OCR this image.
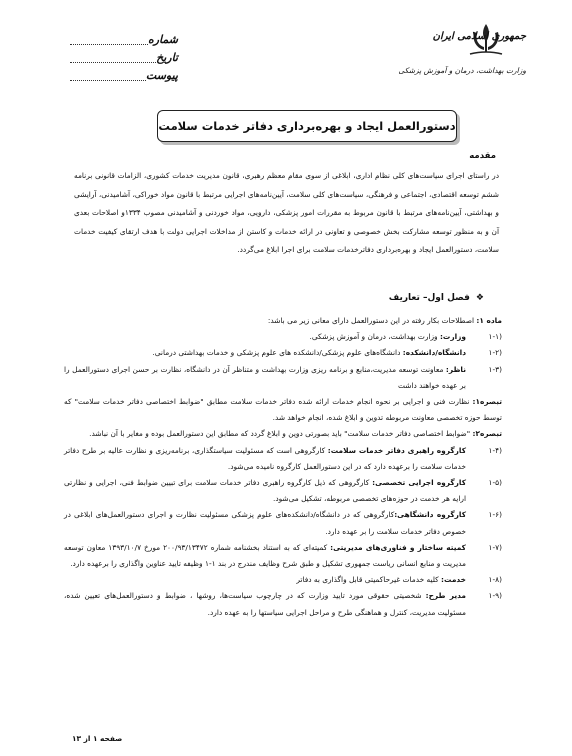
جمهوری اسلامی ایران
وزارت بهداشت، درمان و آموزش پزشکی
شماره
تاریخ
پیوست
دستورالعمل ایجاد و بهره‌برداری دفاتر خدمات سلامت
مقدمه
در راستای اجرای سیاست‌های کلی نظام اداری، ابلاغی از سوی مقام معظم رهبری، قانون مدیریت خدمات کشوری، الزامات قانونی برنامه ششم توسعه اقتصادی، اجتماعی و فرهنگی، سیاست‌های کلی سلامت، آیین‌نامه‌های اجرایی مرتبط با قانون مواد خوراکی، آشامیدنی، آرایشی و بهداشتی، آیین‌نامه‌های مرتبط با قانون مربوط به مقررات امور پزشکی، دارویی، مواد خوردنی و آشامیدنی مصوب ۱۳۳۴و اصلاحات بعدی آن و به منظور توسعه مشارکت بخش خصوصی و تعاونی در ارائه خدمات و کاستن از مداخلات اجرایی دولت با هدف ارتقای کیفیت خدمات سلامت، دستورالعمل ایجاد و بهره‌برداری دفاترخدمات سلامت برای اجرا ابلاغ می‌گردد.
❖
فصل اول– تعاریف

ماده ۱: اصطلاحات بکار رفته در این دستورالعمل دارای معانی زیر می باشد:

۱-۱)
وزارت: وزارت بهداشت، درمان و آموزش پزشکی.

۱-۲)
دانشگاه/دانشکده: دانشگاه‌های علوم پزشکی/دانشکده های علوم پزشکی و خدمات بهداشتی درمانی.

۱-۳)
ناظر: معاونت توسعه مدیریت،منابع و برنامه ریزی وزارت بهداشت و متناظر آن در دانشگاه، نظارت بر حسن اجرای دستورالعمل را بر عهده خواهند داشت

تبصره۱: نظارت فنی و اجرایی بر نحوه انجام خدمات ارائه شده دفاتر خدمات سلامت مطابق "ضوابط اختصاصی دفاتر خدمات سلامت" که توسط حوزه تخصصی معاونت مربوطه تدوین و ابلاغ شده، انجام خواهد شد.

تبصره۲: "ضوابط اختصاصی دفاتر خدمات سلامت" باید بصورتی دوین و ابلاغ گردد که مطابق این دستورالعمل بوده و مغایر با آن نباشد.

۱-۴)
کارگروه راهبری دفاتر خدمات سلامت: کارگروهی است که مسئولیت سیاستگذاری، برنامه‌ریزی و نظارت عالیه بر طرح دفاتر خدمات سلامت را برعهده دارد که در این دستورالعمل کارگروه نامیده می‌شود.

۱-۵)
کارگروه اجرایی تخصصی: کارگروهی که ذیل کارگروه راهبری دفاتر خدمات سلامت برای تبیین ضوابط فنی، اجرایی و نظارتی ارایه هر خدمت در حوزه‌های تخصصی مربوطه، تشکیل می‌شود.

۱-۶)
کارگروه دانشگاهی:کارگروهی که در دانشگاه/دانشکده‌های علوم پزشکی مسئولیت نظارت و اجرای دستورالعمل‌های ابلاغی در خصوص دفاتر خدمات سلامت را بر عهده دارد.

۱-۷)
کمیته ساختار و فناوری‌های مدیریتی: کمیته‌ای که به استناد بخشنامه شماره ۲۰۰/۹۳/۱۳۴۷۲ مورخ ۱۳۹۳/۱۰/۷ معاون توسعه مدیریت و منابع انسانی ریاست جمهوری تشکیل و طبق شرح وظایف مندرج در بند ۱-۱ وظیفه تایید عناوین واگذاری را برعهده دارد.

۱-۸)
خدمت: کلیه خدمات غیرحاکمیتی قابل واگذاری به دفاتر

۱-۹)
مدیر طرح: شخصیتی حقوقی مورد تایید وزارت که در چارچوب سیاست‌ها، روشها ، ضوابط و دستورالعمل‌های تعیین شده، مسئولیت مدیریت، کنترل و هماهنگی طرح و مراحل اجرایی سیاستها را به عهده دارد.

صفحه ۱ از ۱۳
